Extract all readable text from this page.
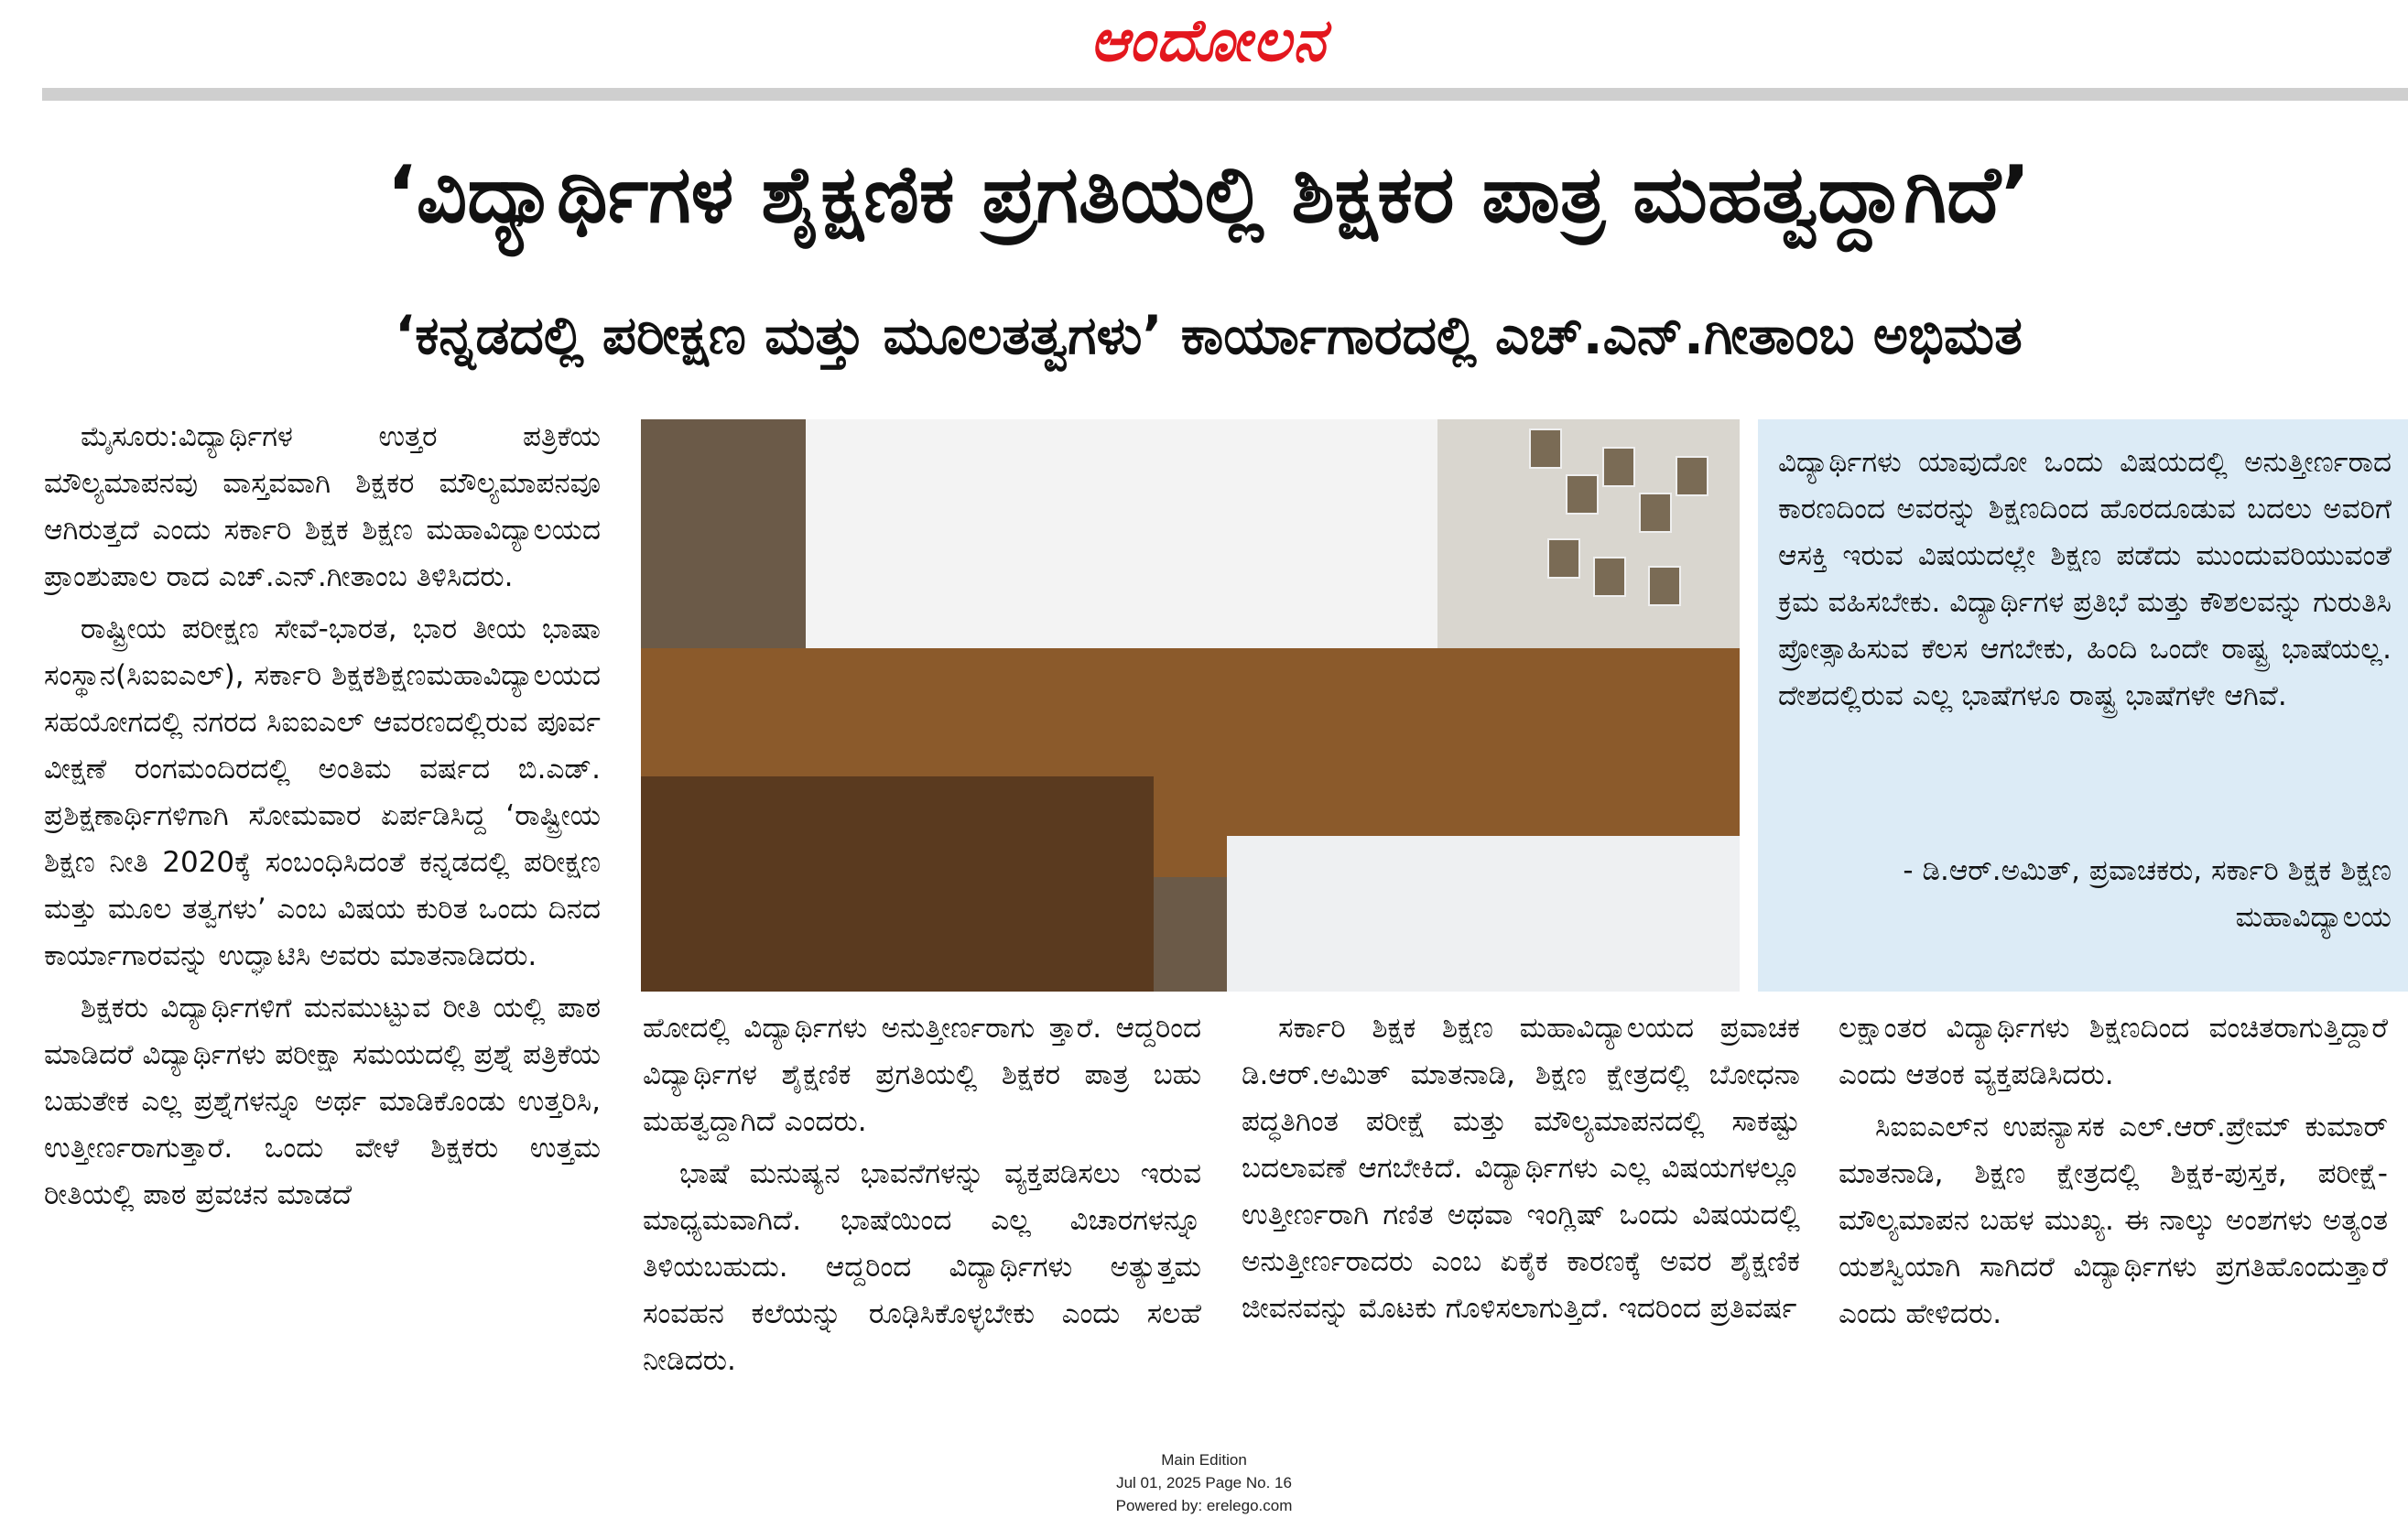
ಆಂದೋಲನ
‘ವಿದ್ಯಾರ್ಥಿಗಳ ಶೈಕ್ಷಣಿಕ ಪ್ರಗತಿಯಲ್ಲಿ ಶಿಕ್ಷಕರ ಪಾತ್ರ ಮಹತ್ವದ್ದಾಗಿದೆ’
‘ಕನ್ನಡದಲ್ಲಿ ಪರೀಕ್ಷಣ ಮತ್ತು ಮೂಲತತ್ವಗಳು’ ಕಾರ್ಯಾಗಾರದಲ್ಲಿ ಎಚ್.ಎನ್.ಗೀತಾಂಬ ಅಭಿಮತ

ಮೈಸೂರು:ವಿದ್ಯಾರ್ಥಿಗಳ ಉತ್ತರ ಪತ್ರಿಕೆಯ ಮೌಲ್ಯಮಾಪನವು ವಾಸ್ತವವಾಗಿ ಶಿಕ್ಷಕರ ಮೌಲ್ಯಮಾಪನವೂ ಆಗಿರುತ್ತದೆ ಎಂದು ಸರ್ಕಾರಿ ಶಿಕ್ಷಕ ಶಿಕ್ಷಣ ಮಹಾವಿದ್ಯಾಲಯದ ಪ್ರಾಂಶುಪಾಲ ರಾದ ಎಚ್.ಎನ್.ಗೀತಾಂಬ ತಿಳಿಸಿದರು.

ರಾಷ್ಟ್ರೀಯ ಪರೀಕ್ಷಣ ಸೇವೆ-ಭಾರತ, ಭಾರ ತೀಯ ಭಾಷಾ ಸಂಸ್ಥಾನ(ಸಿಐಐಎಲ್), ಸರ್ಕಾರಿ ಶಿಕ್ಷಕಶಿಕ್ಷಣಮಹಾವಿದ್ಯಾಲಯದ ಸಹಯೋಗದಲ್ಲಿ ನಗರದ ಸಿಐಐಎಲ್ ಆವರಣದಲ್ಲಿರುವ ಪೂರ್ವ ವೀಕ್ಷಣೆ ರಂಗಮಂದಿರದಲ್ಲಿ ಅಂತಿಮ ವರ್ಷದ ಬಿ.ಎಡ್. ಪ್ರಶಿಕ್ಷಣಾರ್ಥಿಗಳಿಗಾಗಿ ಸೋಮವಾರ ಏರ್ಪಡಿಸಿದ್ದ ‘ರಾಷ್ಟ್ರೀಯ ಶಿಕ್ಷಣ ನೀತಿ 2020ಕ್ಕೆ ಸಂಬಂಧಿಸಿದಂತೆ ಕನ್ನಡದಲ್ಲಿ ಪರೀಕ್ಷಣ ಮತ್ತು ಮೂಲ ತತ್ವಗಳು’ ಎಂಬ ವಿಷಯ ಕುರಿತ ಒಂದು ದಿನದ ಕಾರ್ಯಾಗಾರವನ್ನು ಉದ್ಘಾಟಿಸಿ ಅವರು ಮಾತನಾಡಿದರು.

ಶಿಕ್ಷಕರು ವಿದ್ಯಾರ್ಥಿಗಳಿಗೆ ಮನಮುಟ್ಟುವ ರೀತಿ ಯಲ್ಲಿ ಪಾಠ ಮಾಡಿದರೆ ವಿದ್ಯಾರ್ಥಿಗಳು ಪರೀಕ್ಷಾ ಸಮಯದಲ್ಲಿ ಪ್ರಶ್ನೆ ಪತ್ರಿಕೆಯ ಬಹುತೇಕ ಎಲ್ಲ ಪ್ರಶ್ನೆಗಳನ್ನೂ ಅರ್ಥ ಮಾಡಿಕೊಂಡು ಉತ್ತರಿಸಿ, ಉತ್ತೀರ್ಣರಾಗುತ್ತಾರೆ. ಒಂದು ವೇಳೆ ಶಿಕ್ಷಕರು ಉತ್ತಮ ರೀತಿಯಲ್ಲಿ ಪಾಠ ಪ್ರವಚನ ಮಾಡದೆ

ವಿದ್ಯಾರ್ಥಿಗಳು ಯಾವುದೋ ಒಂದು ವಿಷಯದಲ್ಲಿ ಅನುತ್ತೀರ್ಣರಾದ ಕಾರಣದಿಂದ ಅವರನ್ನು ಶಿಕ್ಷಣದಿಂದ ಹೊರದೂಡುವ ಬದಲು ಅವರಿಗೆ ಆಸಕ್ತಿ ಇರುವ ವಿಷಯದಲ್ಲೇ ಶಿಕ್ಷಣ ಪಡೆದು ಮುಂದುವರಿಯುವಂತೆ ಕ್ರಮ ವಹಿಸಬೇಕು. ವಿದ್ಯಾರ್ಥಿಗಳ ಪ್ರತಿಭೆ ಮತ್ತು ಕೌಶಲವನ್ನು ಗುರುತಿಸಿ ಪ್ರೋತ್ಸಾಹಿಸುವ ಕೆಲಸ ಆಗಬೇಕು, ಹಿಂದಿ ಒಂದೇ ರಾಷ್ಟ್ರ ಭಾಷೆಯಲ್ಲ. ದೇಶದಲ್ಲಿರುವ ಎಲ್ಲ ಭಾಷೆಗಳೂ ರಾಷ್ಟ್ರ ಭಾಷೆಗಳೇ ಆಗಿವೆ.
- ಡಿ.ಆರ್.ಅಮಿತ್, ಪ್ರವಾಚಕರು, ಸರ್ಕಾರಿ ಶಿಕ್ಷಕ ಶಿಕ್ಷಣ ಮಹಾವಿದ್ಯಾಲಯ

ಹೋದಲ್ಲಿ ವಿದ್ಯಾರ್ಥಿಗಳು ಅನುತ್ತೀರ್ಣರಾಗು ತ್ತಾರೆ. ಆದ್ದರಿಂದ ವಿದ್ಯಾರ್ಥಿಗಳ ಶೈಕ್ಷಣಿಕ ಪ್ರಗತಿಯಲ್ಲಿ ಶಿಕ್ಷಕರ ಪಾತ್ರ ಬಹು ಮಹತ್ವದ್ದಾಗಿದೆ ಎಂದರು.

ಭಾಷೆ ಮನುಷ್ಯನ ಭಾವನೆಗಳನ್ನು ವ್ಯಕ್ತಪಡಿಸಲು ಇರುವ ಮಾಧ್ಯಮವಾಗಿದೆ. ಭಾಷೆಯಿಂದ ಎಲ್ಲ ವಿಚಾರಗಳನ್ನೂ ತಿಳಿಯಬಹುದು. ಆದ್ದರಿಂದ ವಿದ್ಯಾರ್ಥಿಗಳು ಅತ್ಯುತ್ತಮ ಸಂವಹನ ಕಲೆಯನ್ನು ರೂಢಿಸಿಕೊಳ್ಳಬೇಕು ಎಂದು ಸಲಹೆ ನೀಡಿದರು.

ಸರ್ಕಾರಿ ಶಿಕ್ಷಕ ಶಿಕ್ಷಣ ಮಹಾವಿದ್ಯಾಲಯದ ಪ್ರವಾಚಕ ಡಿ.ಆರ್.ಅಮಿತ್ ಮಾತನಾಡಿ, ಶಿಕ್ಷಣ ಕ್ಷೇತ್ರದಲ್ಲಿ ಬೋಧನಾ ಪದ್ಧತಿಗಿಂತ ಪರೀಕ್ಷೆ ಮತ್ತು ಮೌಲ್ಯಮಾಪನದಲ್ಲಿ ಸಾಕಷ್ಟು ಬದಲಾವಣೆ ಆಗಬೇಕಿದೆ. ವಿದ್ಯಾರ್ಥಿಗಳು ಎಲ್ಲ ವಿಷಯಗಳಲ್ಲೂ ಉತ್ತೀರ್ಣರಾಗಿ ಗಣಿತ ಅಥವಾ ಇಂಗ್ಲಿಷ್ ಒಂದು ವಿಷಯದಲ್ಲಿ ಅನುತ್ತೀರ್ಣರಾದರು ಎಂಬ ಏಕೈಕ ಕಾರಣಕ್ಕೆ ಅವರ ಶೈಕ್ಷಣಿಕ ಜೀವನವನ್ನು ಮೊಟಕು ಗೊಳಿಸಲಾಗುತ್ತಿದೆ. ಇದರಿಂದ ಪ್ರತಿವರ್ಷ

ಲಕ್ಷಾಂತರ ವಿದ್ಯಾರ್ಥಿಗಳು ಶಿಕ್ಷಣದಿಂದ ವಂಚಿತರಾಗುತ್ತಿದ್ದಾರೆ ಎಂದು ಆತಂಕ ವ್ಯಕ್ತಪಡಿಸಿದರು.

ಸಿಐಐಎಲ್‌ನ ಉಪನ್ಯಾಸಕ ಎಲ್.ಆರ್.ಪ್ರೇಮ್ ಕುಮಾರ್ ಮಾತನಾಡಿ, ಶಿಕ್ಷಣ ಕ್ಷೇತ್ರದಲ್ಲಿ ಶಿಕ್ಷಕ-ಪುಸ್ತಕ, ಪರೀಕ್ಷೆ-ಮೌಲ್ಯಮಾಪನ ಬಹಳ ಮುಖ್ಯ. ಈ ನಾಲ್ಕು ಅಂಶಗಳು ಅತ್ಯಂತ ಯಶಸ್ವಿಯಾಗಿ ಸಾಗಿದರೆ ವಿದ್ಯಾರ್ಥಿಗಳು ಪ್ರಗತಿಹೊಂದುತ್ತಾರೆ ಎಂದು ಹೇಳಿದರು.

Main Edition
Jul 01, 2025 Page No. 16
Powered by: erelego.com
